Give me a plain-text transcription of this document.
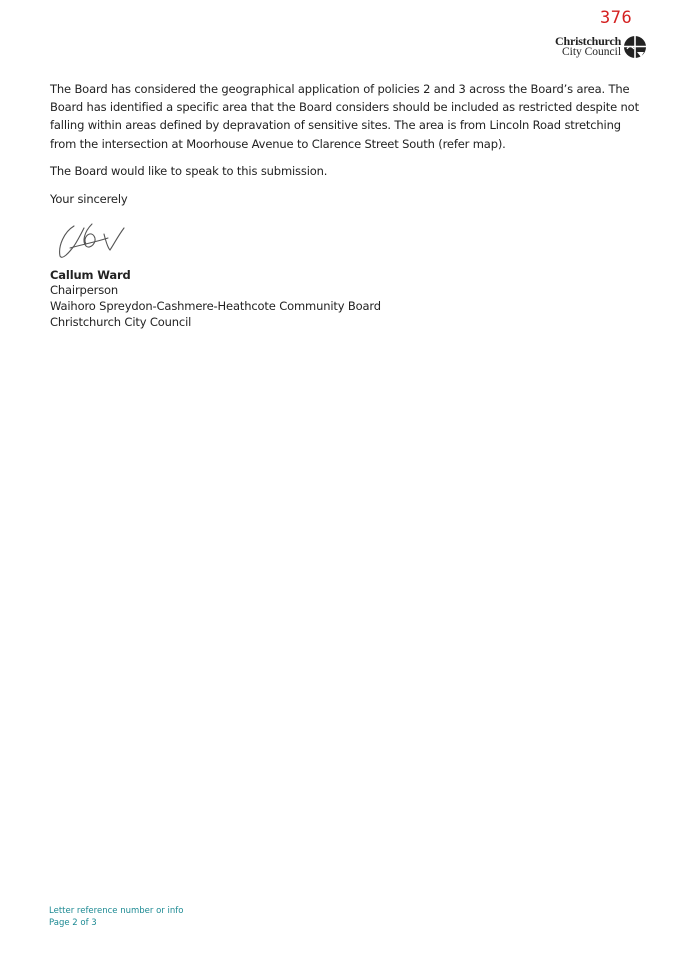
376
Christchurch
City Council

The Board has considered the geographical application of policies 2 and 3 across the Board’s area. The Board has identified a specific area that the Board considers should be included as restricted despite not falling within areas defined by depravation of sensitive sites. The area is from Lincoln Road stretching from the intersection at Moorhouse Avenue to Clarence Street South (refer map).

The Board would like to speak to this submission.

Your sincerely

Callum Ward
Chairperson
Waihoro Spreydon-Cashmere-Heathcote Community Board
Christchurch City Council
Letter reference number or info
Page 2 of 3
